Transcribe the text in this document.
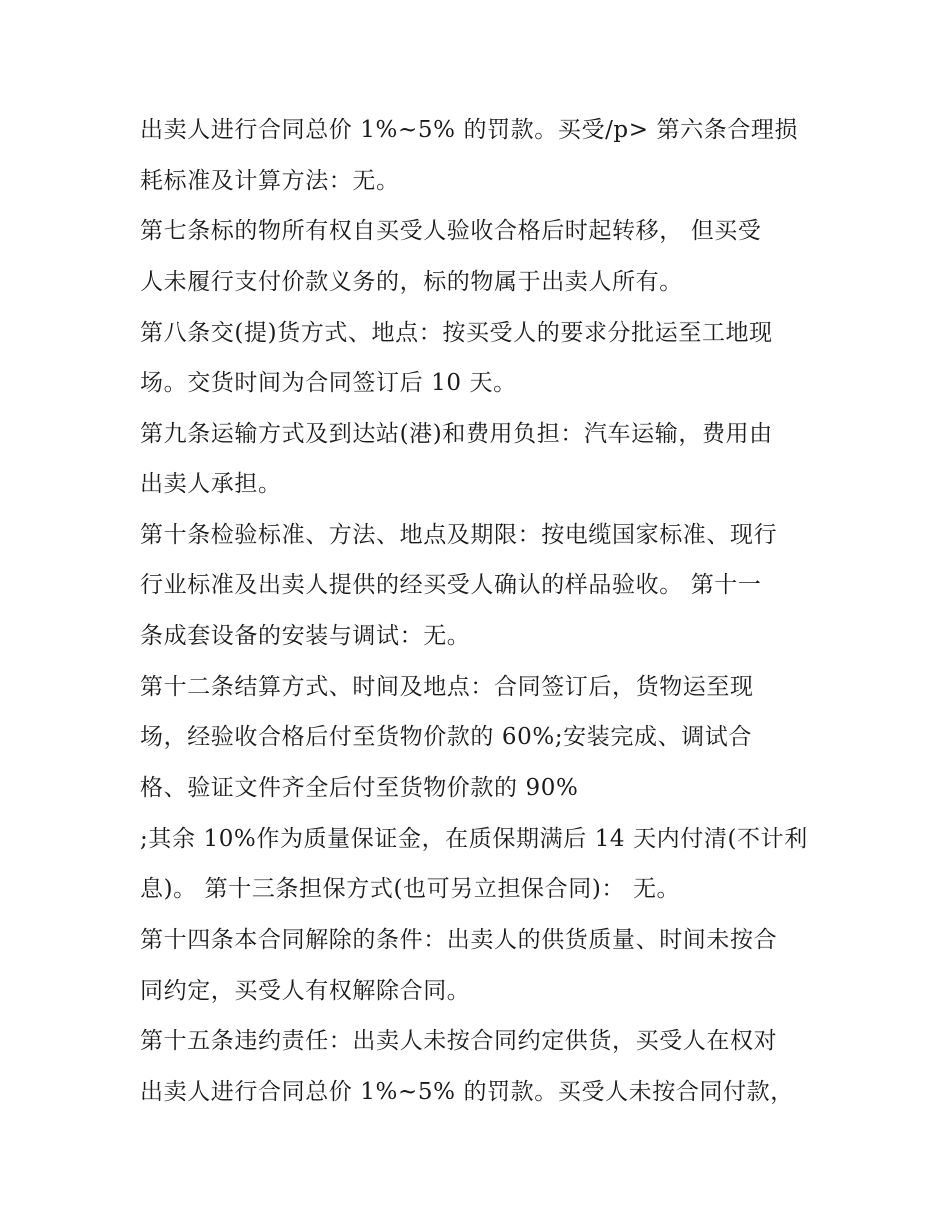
出卖人进行合同总价 1%~5% 的罚款。买受/p> 第六条合理损
耗标准及计算方法：无。
第七条标的物所有权自买受人验收合格后时起转移， 但买受
人未履行支付价款义务的，标的物属于出卖人所有。
第八条交(提)货方式、地点：按买受人的要求分批运至工地现
场。交货时间为合同签订后 10 天。
第九条运输方式及到达站(港)和费用负担：汽车运输，费用由
出卖人承担。
第十条检验标准、方法、地点及期限：按电缆国家标准、现行
行业标准及出卖人提供的经买受人确认的样品验收。 第十一
条成套设备的安装与调试：无。
第十二条结算方式、时间及地点：合同签订后，货物运至现
场，经验收合格后付至货物价款的 60%;安装完成、调试合
格、验证文件齐全后付至货物价款的 90%
;其余 10%作为质量保证金，在质保期满后 14 天内付清(不计利
息)。 第十三条担保方式(也可另立担保合同)： 无。
第十四条本合同解除的条件：出卖人的供货质量、时间未按合
同约定，买受人有权解除合同。
第十五条违约责任：出卖人未按合同约定供货，买受人在权对
出卖人进行合同总价 1%~5% 的罚款。买受人未按合同付款，
